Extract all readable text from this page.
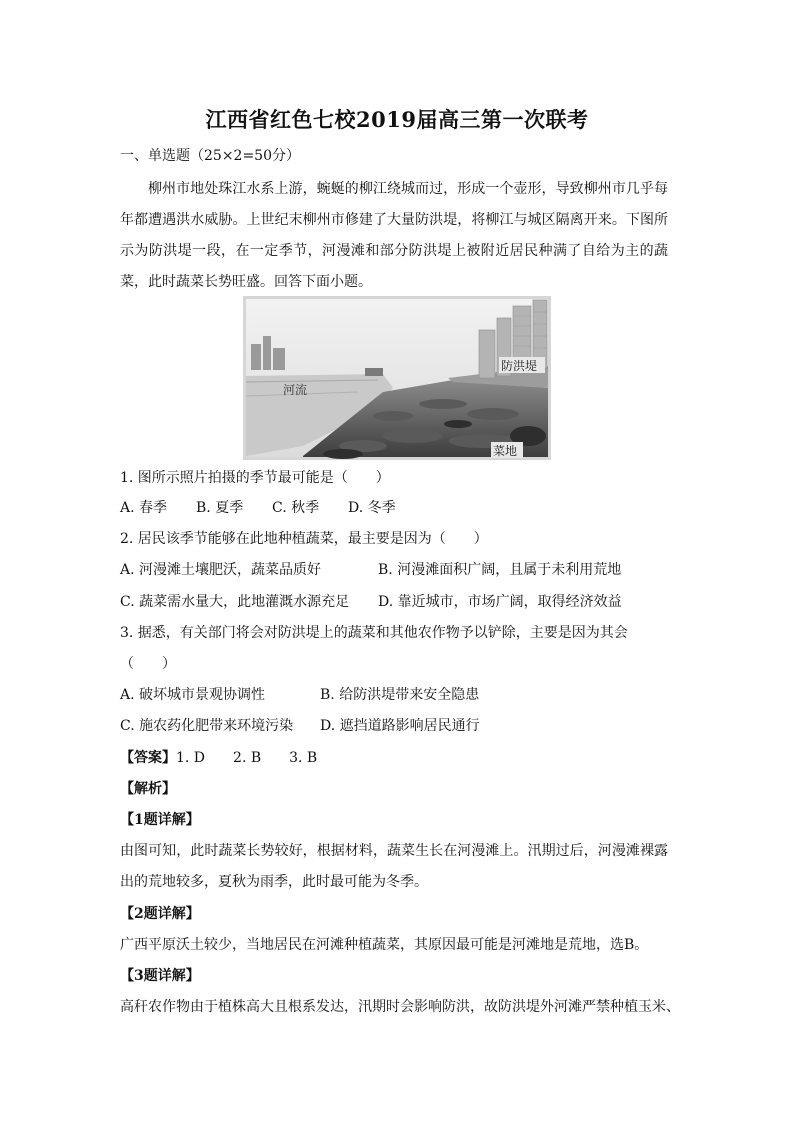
江西省红色七校2019届高三第一次联考
一、单选题（25×2=50分）
柳州市地处珠江水系上游，蜿蜒的柳江绕城而过，形成一个壶形，导致柳州市几乎每年都遭遇洪水威胁。上世纪末柳州市修建了大量防洪堤，将柳江与城区隔离开来。下图所示为防洪堤一段，在一定季节，河漫滩和部分防洪堤上被附近居民种满了自给为主的蔬菜，此时蔬菜长势旺盛。回答下面小题。
防洪堤
河流
菜地
1. 图所示照片拍摄的季节最可能是（　　）
A. 春季 B. 夏季 C. 秋季 D. 冬季
2. 居民该季节能够在此地种植蔬菜，最主要是因为（　　）
A. 河漫滩土壤肥沃，蔬菜品质好	B. 河漫滩面积广阔，且属于未利用荒地
C. 蔬菜需水量大，此地灌溉水源充足 D. 靠近城市，市场广阔，取得经济效益
3. 据悉，有关部门将会对防洪堤上的蔬菜和其他农作物予以铲除，主要是因为其会
（　　）
A. 破坏城市景观协调性	B. 给防洪堤带来安全隐患
C. 施农药化肥带来环境污染 D. 遮挡道路影响居民通行
【答案】1. D　　2. B　　3. B
【解析】
【1题详解】
由图可知，此时蔬菜长势较好，根据材料，蔬菜生长在河漫滩上。汛期过后，河漫滩裸露出的荒地较多，夏秋为雨季，此时最可能为冬季。
【2题详解】
广西平原沃土较少，当地居民在河滩种植蔬菜，其原因最可能是河滩地是荒地，选B。
【3题详解】
高秆农作物由于植株高大且根系发达，汛期时会影响防洪，故防洪堤外河滩严禁种植玉米、
